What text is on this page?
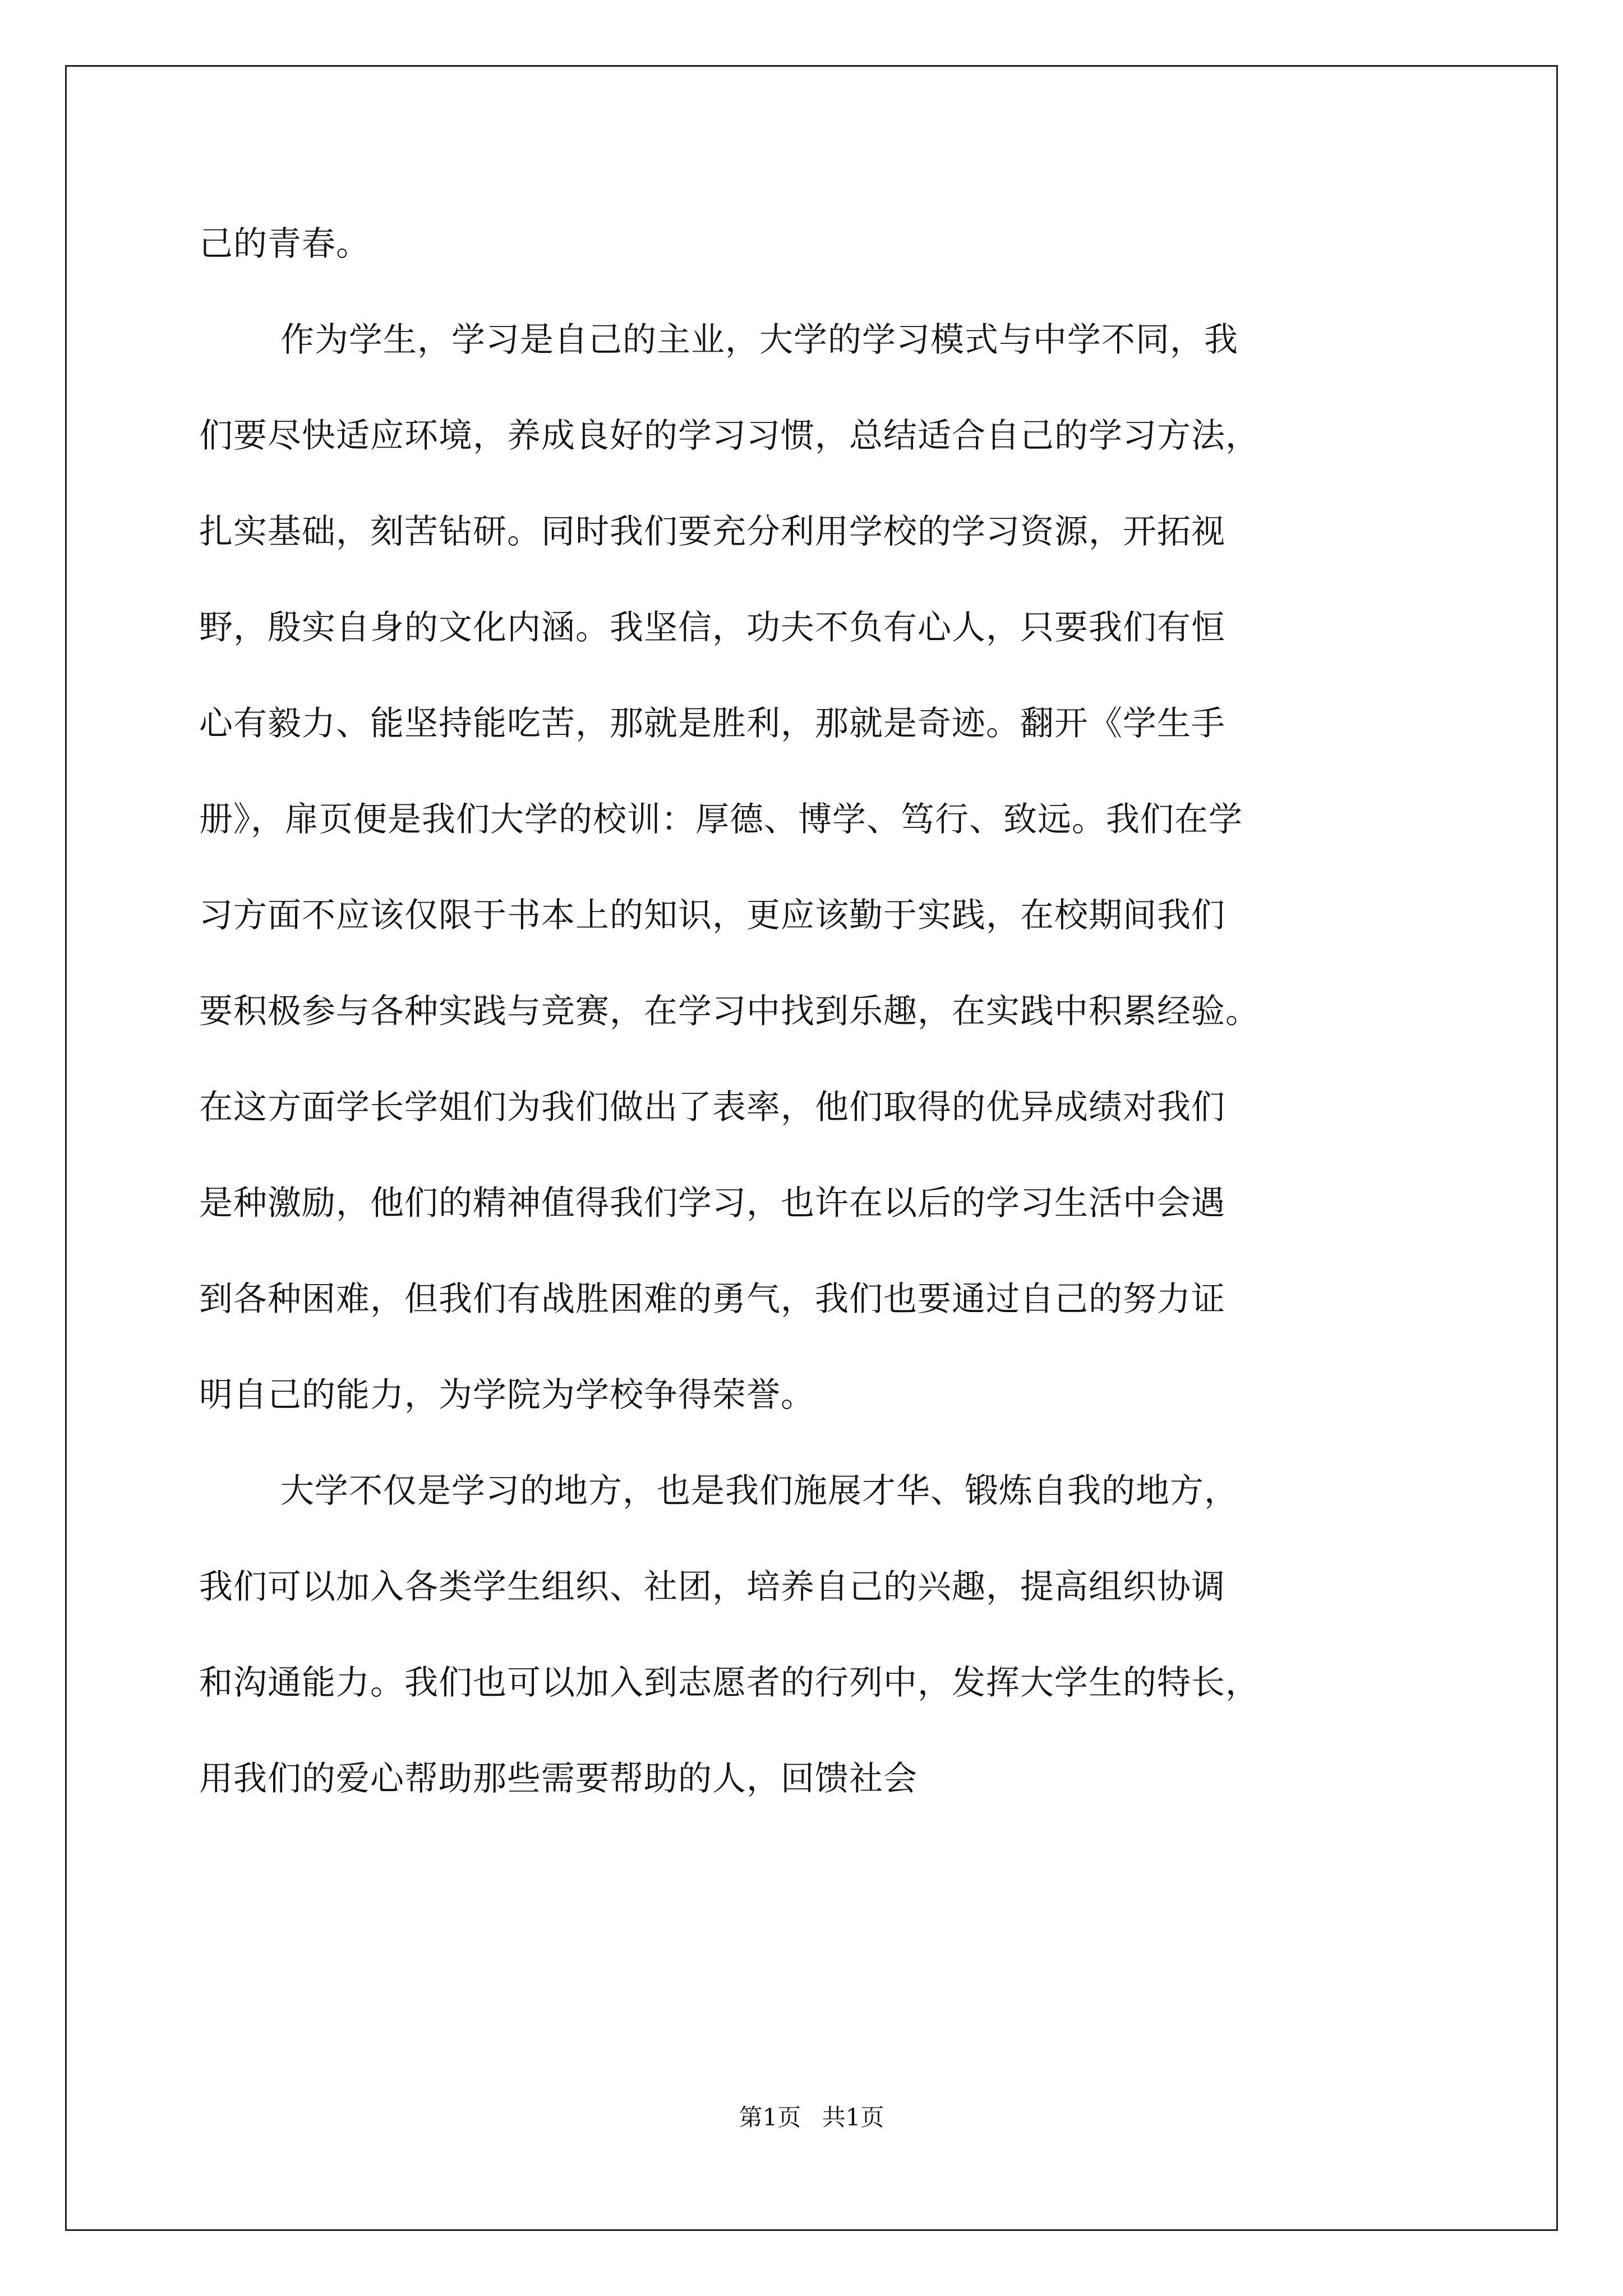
己的青春。
作为学生，学习是自己的主业，大学的学习模式与中学不同，我
们要尽快适应环境，养成良好的学习习惯，总结适合自己的学习方法，
扎实基础，刻苦钻研。同时我们要充分利用学校的学习资源，开拓视
野，殷实自身的文化内涵。我坚信，功夫不负有心人，只要我们有恒
心有毅力、能坚持能吃苦，那就是胜利，那就是奇迹。翻开《学生手
册》，扉页便是我们大学的校训：厚德、博学、笃行、致远。我们在学
习方面不应该仅限于书本上的知识，更应该勤于实践，在校期间我们
要积极参与各种实践与竞赛，在学习中找到乐趣，在实践中积累经验。
在这方面学长学姐们为我们做出了表率，他们取得的优异成绩对我们
是种激励，他们的精神值得我们学习，也许在以后的学习生活中会遇
到各种困难，但我们有战胜困难的勇气，我们也要通过自己的努力证
明自己的能力，为学院为学校争得荣誉。
大学不仅是学习的地方，也是我们施展才华、锻炼自我的地方，
我们可以加入各类学生组织、社团，培养自己的兴趣，提高组织协调
和沟通能力。我们也可以加入到志愿者的行列中，发挥大学生的特长，
用我们的爱心帮助那些需要帮助的人，回馈社会
第1页 共1页
